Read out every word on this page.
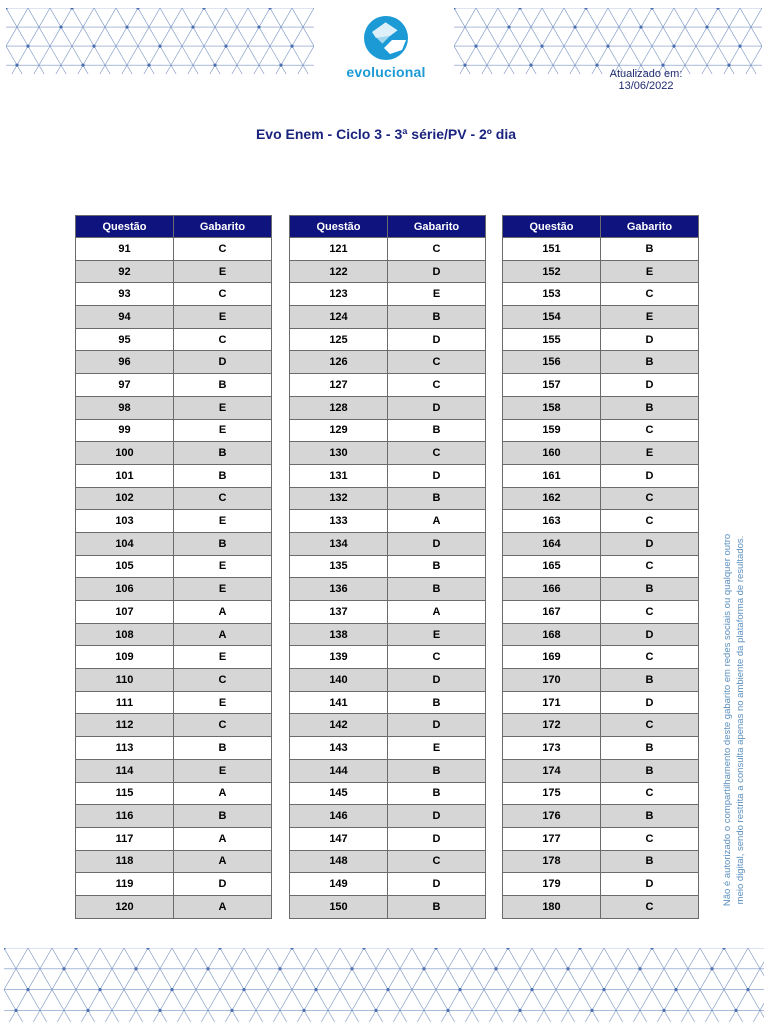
evolucional	Atualizado em:
13/06/2022
Evo Enem - Ciclo 3 - 3ª série/PV - 2º dia
Questão	Gabarito
91	C
92	E
93	C
94	E
95	C
96	D
97	B
98	E
99	E
100	B
101	B
102	C
103	E
104	B
105	E
106	E
107	A
108	A
109	E
110	C
111	E
112	C
113	B
114	E
115	A
116	B
117	A
118	A
119	D
120	A
Questão	Gabarito
121	C
122	D
123	E
124	B
125	D
126	C
127	C
128	D
129	B
130	C
131	D
132	B
133	A
134	D
135	B
136	B
137	A
138	E
139	C
140	D
141	B
142	D
143	E
144	B
145	B
146	D
147	D
148	C
149	D
150	B
Questão	Gabarito
151	B
152	E
153	C
154	E
155	D
156	B
157	D
158	B
159	C
160	E
161	D
162	C
163	C
164	D
165	C
166	B
167	C
168	D
169	C
170	B
171	D
172	C
173	B
174	B
175	C
176	B
177	C
178	B
179	D
180	C
Não é autorizado o compartilhamento deste gabarito em redes sociais ou qualquer outro meio digital, sendo restrita a consulta apenas no ambiente da plataforma de resultados.
